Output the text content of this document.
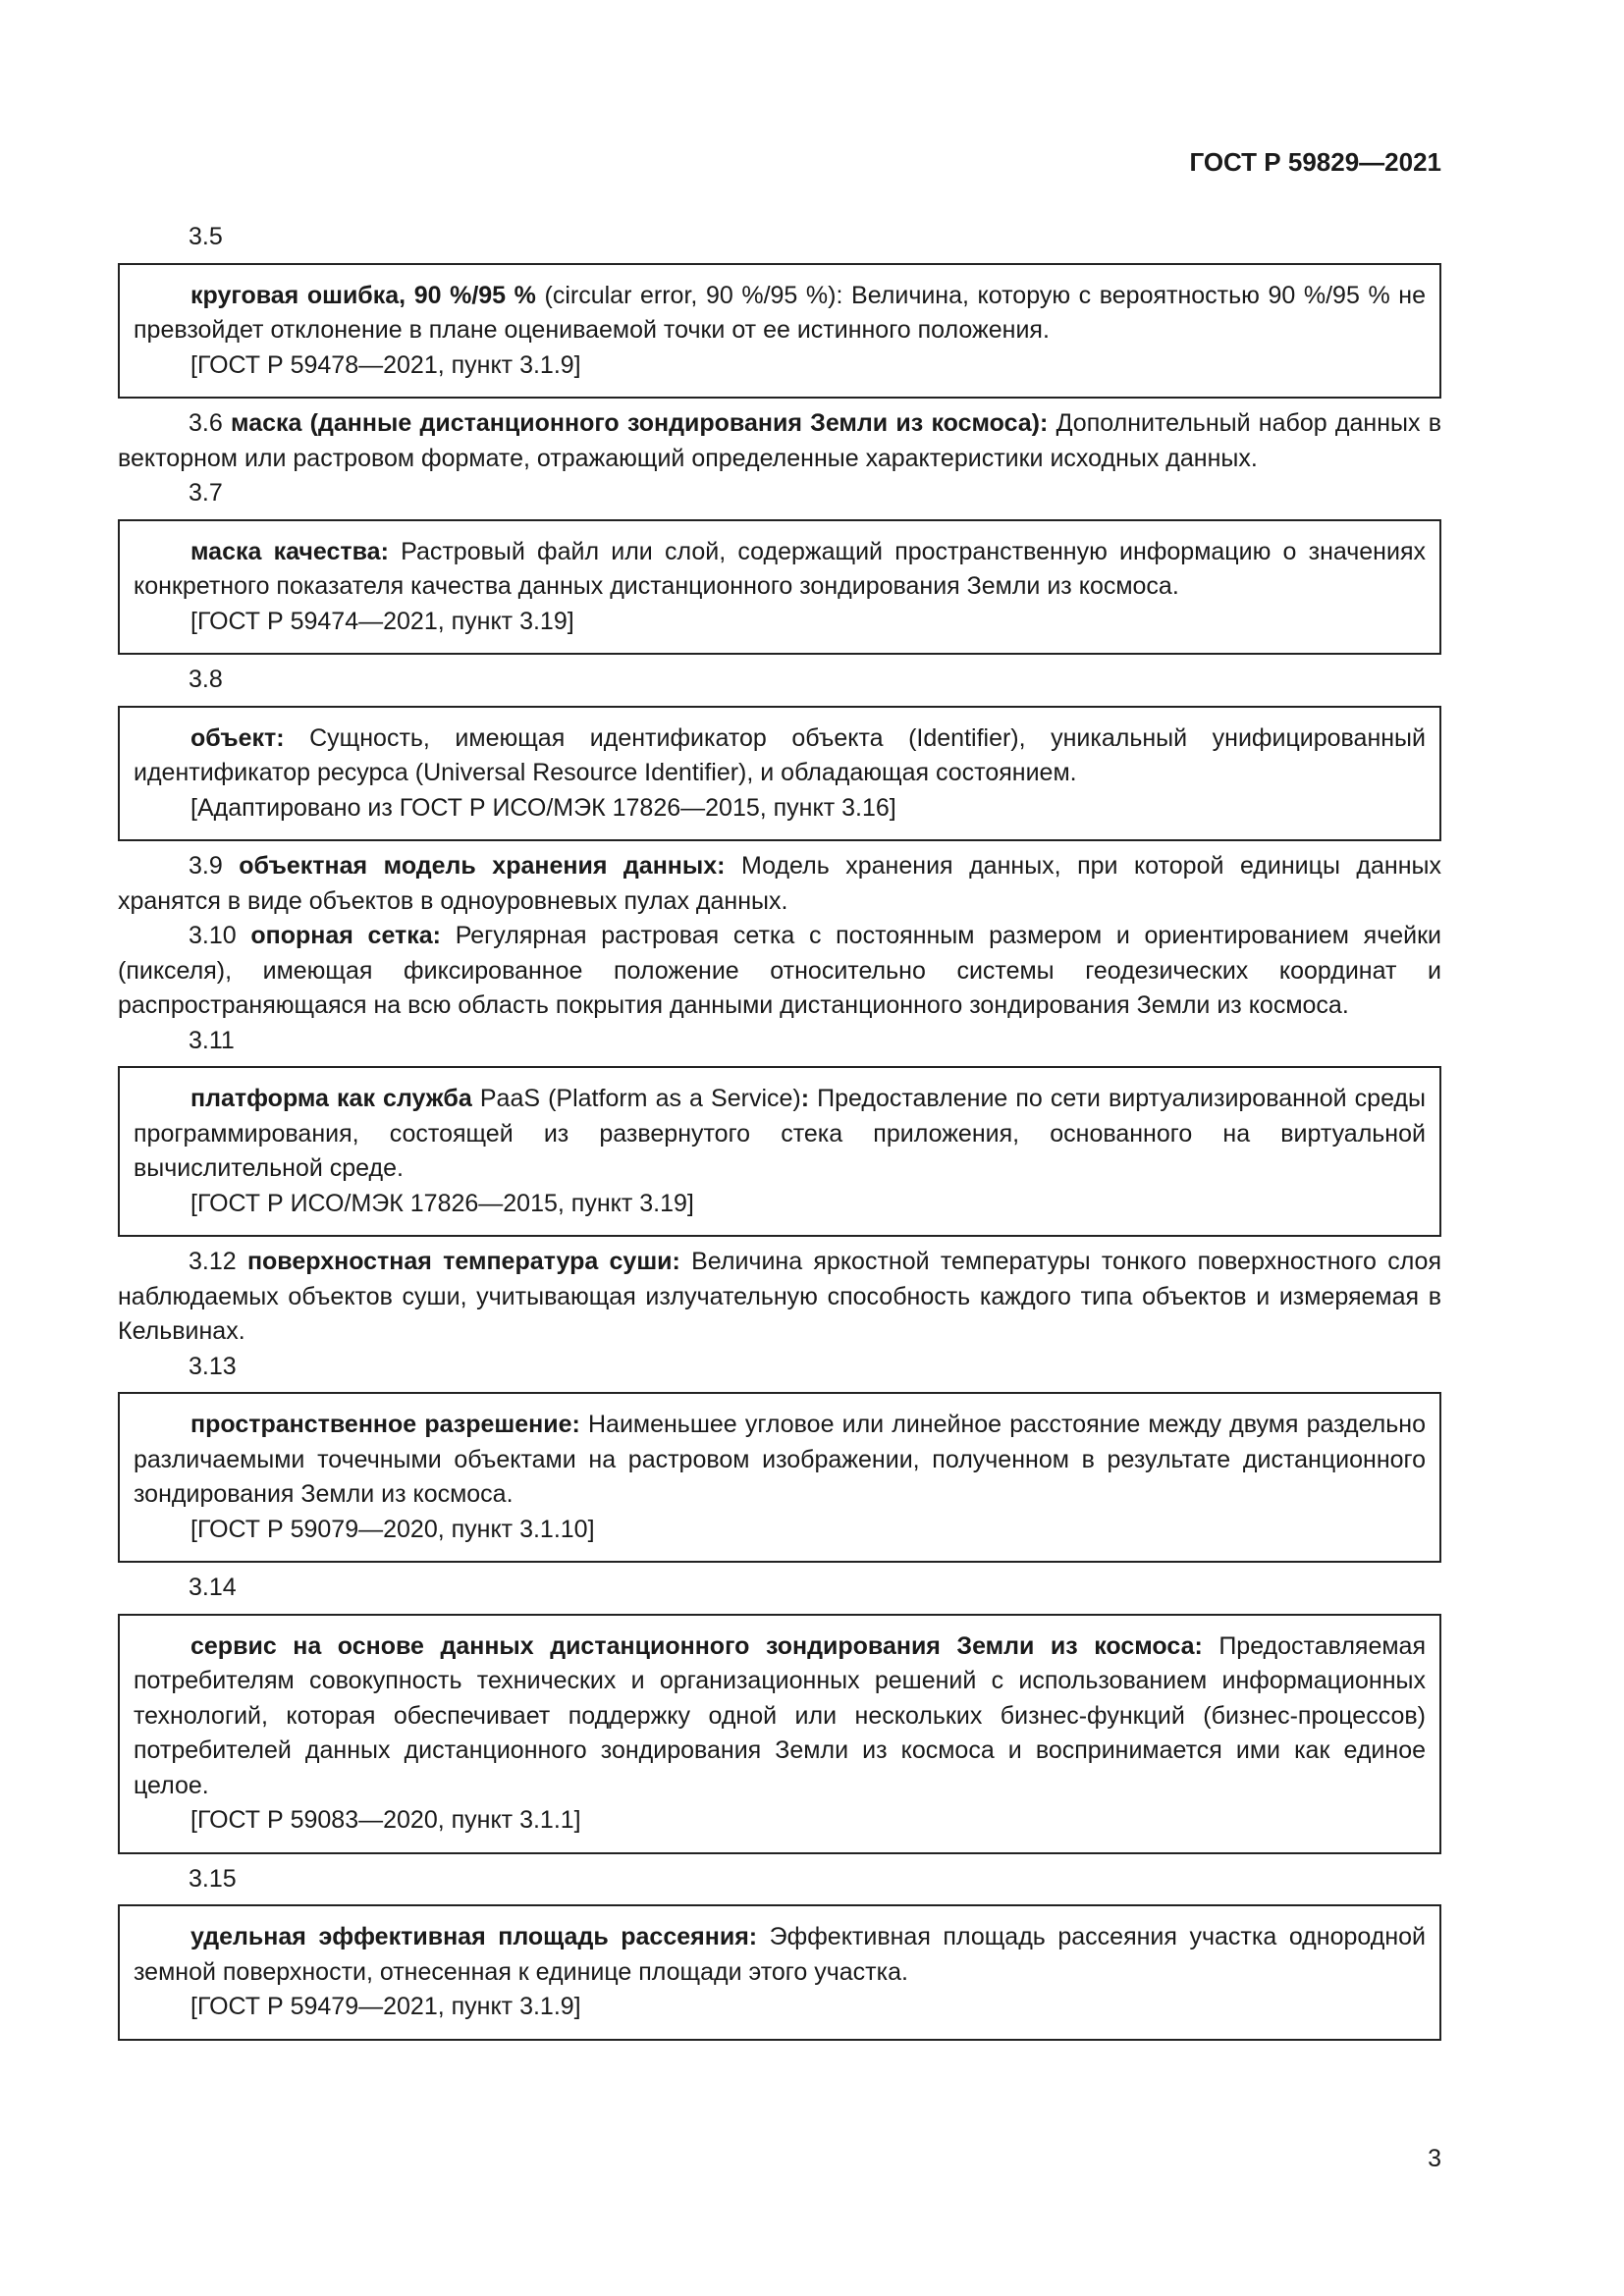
ГОСТ Р 59829—2021

3.5

круговая ошибка, 90 %/95 % (circular error, 90 %/95 %): Величина, которую с вероятностью 90 %/95 % не превзойдет отклонение в плане оцениваемой точки от ее истинного положения.

[ГОСТ Р 59478—2021, пункт 3.1.9]

3.6 маска (данные дистанционного зондирования Земли из космоса): Дополнительный набор данных в векторном или растровом формате, отражающий определенные характеристики исходных данных.

3.7

маска качества: Растровый файл или слой, содержащий пространственную информацию о значениях конкретного показателя качества данных дистанционного зондирования Земли из космоса.

[ГОСТ Р 59474—2021, пункт 3.19]

3.8

объект: Сущность, имеющая идентификатор объекта (Identifier), уникальный унифицированный идентификатор ресурса (Universal Resource Identifier), и обладающая состоянием.

[Адаптировано из ГОСТ Р ИСО/МЭК 17826—2015, пункт 3.16]

3.9 объектная модель хранения данных: Модель хранения данных, при которой единицы данных хранятся в виде объектов в одноуровневых пулах данных.

3.10 опорная сетка: Регулярная растровая сетка с постоянным размером и ориентированием ячейки (пикселя), имеющая фиксированное положение относительно системы геодезических координат и распространяющаяся на всю область покрытия данными дистанционного зондирования Земли из космоса.

3.11

платформа как служба PaaS (Platform as a Service): Предоставление по сети виртуализированной среды программирования, состоящей из развернутого стека приложения, основанного на виртуальной вычислительной среде.

[ГОСТ Р ИСО/МЭК 17826—2015, пункт 3.19]

3.12 поверхностная температура суши: Величина яркостной температуры тонкого поверхностного слоя наблюдаемых объектов суши, учитывающая излучательную способность каждого типа объектов и измеряемая в Кельвинах.

3.13

пространственное разрешение: Наименьшее угловое или линейное расстояние между двумя раздельно различаемыми точечными объектами на растровом изображении, полученном в результате дистанционного зондирования Земли из космоса.

[ГОСТ Р 59079—2020, пункт 3.1.10]

3.14

сервис на основе данных дистанционного зондирования Земли из космоса: Предоставляемая потребителям совокупность технических и организационных решений с использованием информационных технологий, которая обеспечивает поддержку одной или нескольких бизнес-функций (бизнес-процессов) потребителей данных дистанционного зондирования Земли из космоса и воспринимается ими как единое целое.

[ГОСТ Р 59083—2020, пункт 3.1.1]

3.15

удельная эффективная площадь рассеяния: Эффективная площадь рассеяния участка однородной земной поверхности, отнесенная к единице площади этого участка.

[ГОСТ Р 59479—2021, пункт 3.1.9]

3
